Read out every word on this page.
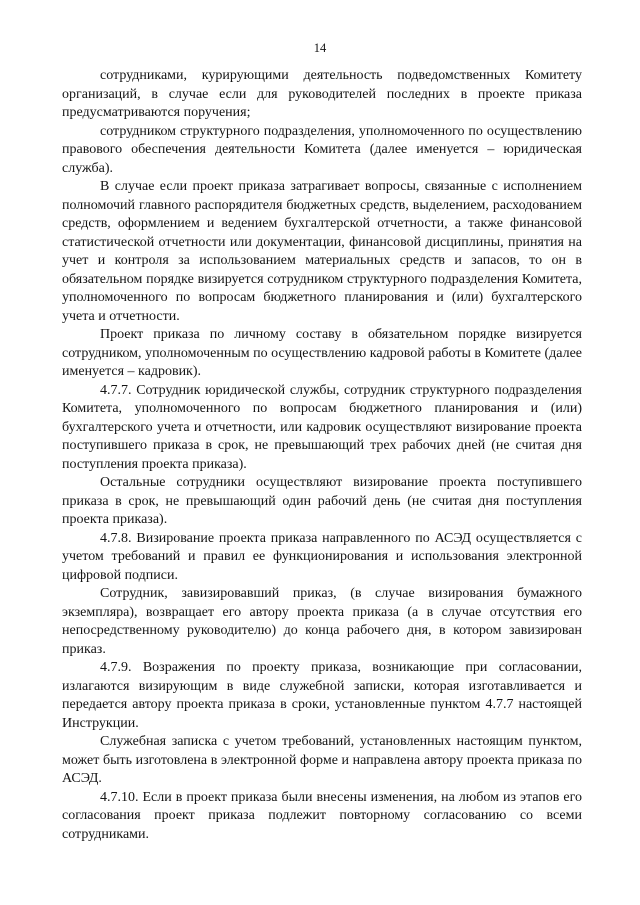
14

сотрудниками, курирующими деятельность подведомственных Комитету организаций, в случае если для руководителей последних в проекте приказа предусматриваются поручения;

сотрудником структурного подразделения, уполномоченного по осуществлению правового обеспечения деятельности Комитета (далее именуется – юридическая служба).

В случае если проект приказа затрагивает вопросы, связанные с исполнением полномочий главного распорядителя бюджетных средств, выделением, расходованием средств, оформлением и ведением бухгалтерской отчетности, а также финансовой статистической отчетности или документации, финансовой дисциплины, принятия на учет и контроля за использованием материальных средств и запасов, то он в обязательном порядке визируется сотрудником структурного подразделения Комитета, уполномоченного по вопросам бюджетного планирования и (или) бухгалтерского учета и отчетности.

Проект приказа по личному составу в обязательном порядке визируется сотрудником, уполномоченным по осуществлению кадровой работы в Комитете (далее именуется – кадровик).

4.7.7. Сотрудник юридической службы, сотрудник структурного подразделения Комитета, уполномоченного по вопросам бюджетного планирования и (или) бухгалтерского учета и отчетности, или кадровик осуществляют визирование проекта поступившего приказа в срок, не превышающий трех рабочих дней (не считая дня поступления проекта приказа).

Остальные сотрудники осуществляют визирование проекта поступившего приказа в срок, не превышающий один рабочий день (не считая дня поступления проекта приказа).

4.7.8. Визирование проекта приказа направленного по АСЭД осуществляется с учетом требований и правил ее функционирования и использования электронной цифровой подписи.

Сотрудник, завизировавший приказ, (в случае визирования бумажного экземпляра), возвращает его автору проекта приказа (а в случае отсутствия его непосредственному руководителю) до конца рабочего дня, в котором завизирован приказ.

4.7.9. Возражения по проекту приказа, возникающие при согласовании, излагаются визирующим в виде служебной записки, которая изготавливается и передается автору проекта приказа в сроки, установленные пунктом 4.7.7 настоящей Инструкции.

Служебная записка с учетом требований, установленных настоящим пунктом, может быть изготовлена в электронной форме и направлена автору проекта приказа по АСЭД.

4.7.10. Если в проект приказа были внесены изменения, на любом из этапов его согласования проект приказа подлежит повторному согласованию со всеми сотрудниками.
